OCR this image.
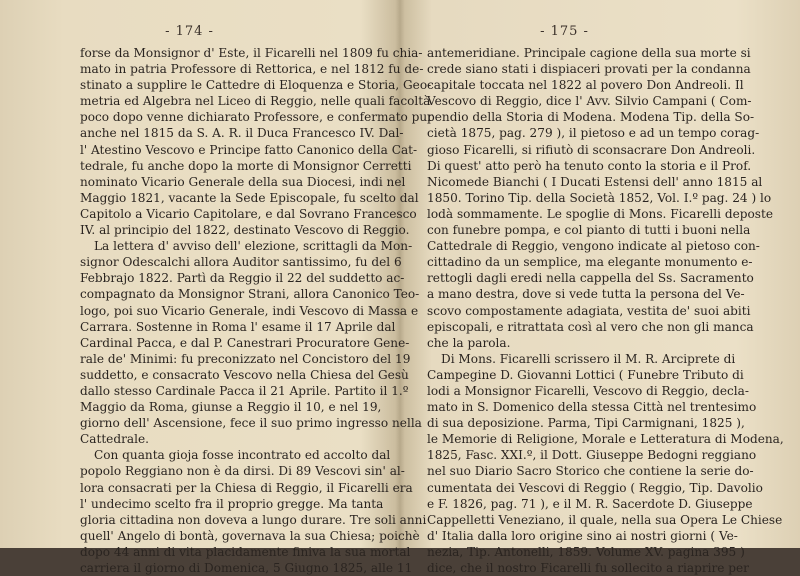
- 174 -
forse da Monsignor d' Este, il Ficarelli nel 1809 fu chia-
mato in patria Professore di Rettorica, e nel 1812 fu de-
stinato a supplire le Cattedre di Eloquenza e Storia, Geo-
metria ed Algebra nel Liceo di Reggio, nelle quali facoltà
poco dopo venne dichiarato Professore, e confermato pur
anche nel 1815 da S. A. R. il Duca Francesco IV. Dal-
l' Atestino Vescovo e Principe fatto Canonico della Cat-
tedrale, fu anche dopo la morte di Monsignor Cerretti
nominato Vicario Generale della sua Diocesi, indi nel
Maggio 1821, vacante la Sede Episcopale, fu scelto dal
Capitolo a Vicario Capitolare, e dal Sovrano Francesco
IV. al principio del 1822, destinato Vescovo di Reggio.
La lettera d' avviso dell' elezione, scrittagli da Mon-
signor Odescalchi allora Auditor santissimo, fu del 6
Febbrajo 1822. Partì da Reggio il 22 del suddetto ac-
compagnato da Monsignor Strani, allora Canonico Teo-
logo, poi suo Vicario Generale, indi Vescovo di Massa e
Carrara. Sostenne in Roma l' esame il 17 Aprile dal
Cardinal Pacca, e dal P. Canestrari Procuratore Gene-
rale de' Minimi: fu preconizzato nel Concistoro del 19
suddetto, e consacrato Vescovo nella Chiesa del Gesù
dallo stesso Cardinale Pacca il 21 Aprile. Partito il 1.º
Maggio da Roma, giunse a Reggio il 10, e nel 19,
giorno dell' Ascensione, fece il suo primo ingresso nella
Cattedrale.
Con quanta gioja fosse incontrato ed accolto dal
popolo Reggiano non è da dirsi. Di 89 Vescovi sin' al-
lora consacrati per la Chiesa di Reggio, il Ficarelli era
l' undecimo scelto fra il proprio gregge. Ma tanta
gloria cittadina non doveva a lungo durare. Tre soli anni
quell' Angelo di bontà, governava la sua Chiesa; poichè
dopo 44 anni di vita placidamente finiva la sua mortal
carriera il giorno di Domenica, 5 Giugno 1825, alle 11
- 175 -
antemeridiane. Principale cagione della sua morte si
crede siano stati i dispiaceri provati per la condanna
capitale toccata nel 1822 al povero Don Andreoli. Il
Vescovo di Reggio, dice l' Avv. Silvio Campani ( Com-
pendio della Storia di Modena. Modena Tip. della So-
cietà 1875, pag. 279 ), il pietoso e ad un tempo corag-
gioso Ficarelli, si rifiutò di sconsacrare Don Andreoli.
Di quest' atto però ha tenuto conto la storia e il Prof.
Nicomede Bianchi ( I Ducati Estensi dell' anno 1815 al
1850. Torino Tip. della Società 1852, Vol. I.º pag. 24 ) lo
lodà sommamente. Le spoglie di Mons. Ficarelli deposte
con funebre pompa, e col pianto di tutti i buoni nella
Cattedrale di Reggio, vengono indicate al pietoso con-
cittadino da un semplice, ma elegante monumento e-
rettogli dagli eredi nella cappella del Ss. Sacramento
a mano destra, dove si vede tutta la persona del Ve-
scovo compostamente adagiata, vestita de' suoi abiti
episcopali, e ritrattata così al vero che non gli manca
che la parola.
Di Mons. Ficarelli scrissero il M. R. Arciprete di
Campegine D. Giovanni Lottici ( Funebre Tributo di
lodi a Monsignor Ficarelli, Vescovo di Reggio, decla-
mato in S. Domenico della stessa Città nel trentesimo
di sua deposizione. Parma, Tipi Carmignani, 1825 ),
le Memorie di Religione, Morale e Letteratura di Modena,
1825, Fasc. XXI.º, il Dott. Giuseppe Bedogni reggiano
nel suo Diario Sacro Storico che contiene la serie do-
cumentata dei Vescovi di Reggio ( Reggio, Tip. Davolio
e F. 1826, pag. 71 ), e il M. R. Sacerdote D. Giuseppe
Cappelletti Veneziano, il quale, nella sua Opera Le Chiese
d' Italia dalla loro origine sino ai nostri giorni ( Ve-
nezia, Tip. Antonelli, 1859. Volume XV. pagina 395 )
dice, che il nostro Ficarelli fu sollecito a riaprire per
